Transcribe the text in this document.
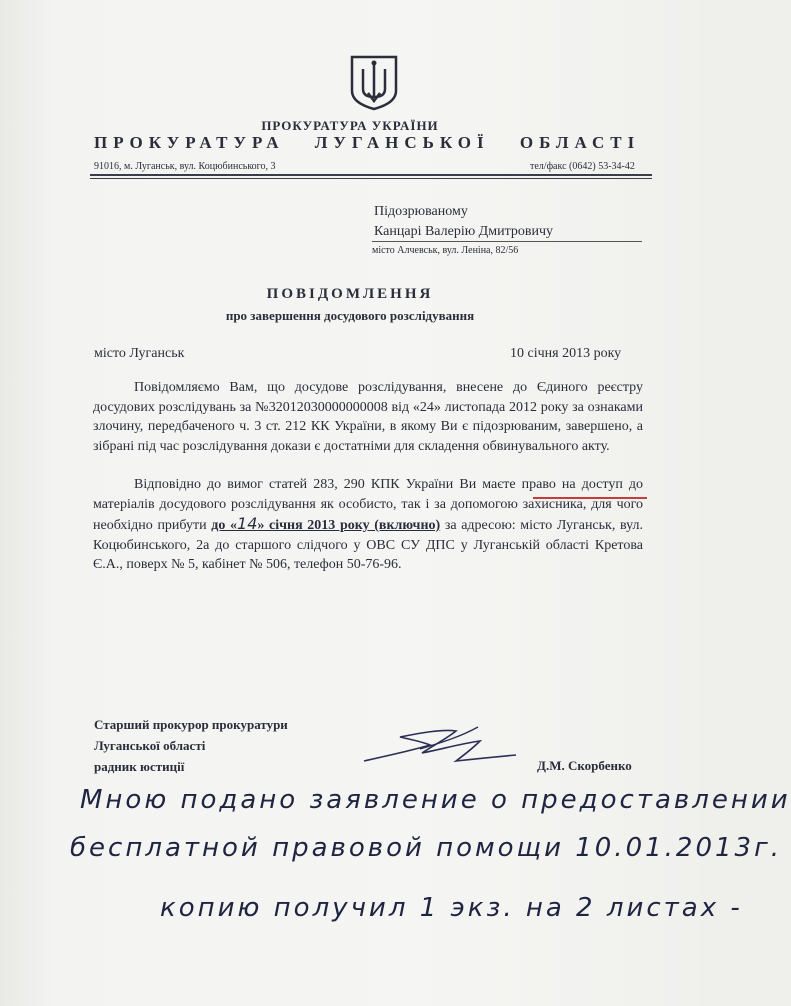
ПРОКУРАТУРА УКРАЇНИ
ПРОКУРАТУРА ЛУГАНСЬКОЇ ОБЛАСТІ
91016, м. Луганськ, вул. Коцюбинського, 3	тел/факс (0642) 53-34-42
Підозрюваному
Канцарі Валерію Дмитровичу
місто Алчевськ, вул. Леніна, 82/56
ПОВІДОМЛЕННЯ
про завершення досудового розслідування
місто Луганськ	10 січня 2013 року
Повідомляємо Вам, що досудове розслідування, внесене до Єдиного реєстру досудових розслідувань за №32012030000000008 від «24» листопада 2012 року за ознаками злочину, передбаченого ч. 3 ст. 212 КК України, в якому Ви є підозрюваним, завершено, а зібрані під час розслідування докази є достатніми для складення обвинувального акту.
Відповідно до вимог статей 283, 290 КПК України Ви маєте право на доступ до матеріалів досудового розслідування як особисто, так і за допомогою захисника, для чого необхідно прибути до «14» січня 2013 року (включно) за адресою: місто Луганськ, вул. Коцюбинського, 2а до старшого слідчого у ОВС СУ ДПС у Луганській області Кретова Є.А., поверх № 5, кабінет № 506, телефон 50-76-96.
Старший прокурор прокуратури
Луганської області
радник юстиції	Д.М. Скорбенко
Мною подано заявление о предоставлении
бесплатной правовой помощи 10.01.2013г.
копию получил 1 экз. на 2 листах -
